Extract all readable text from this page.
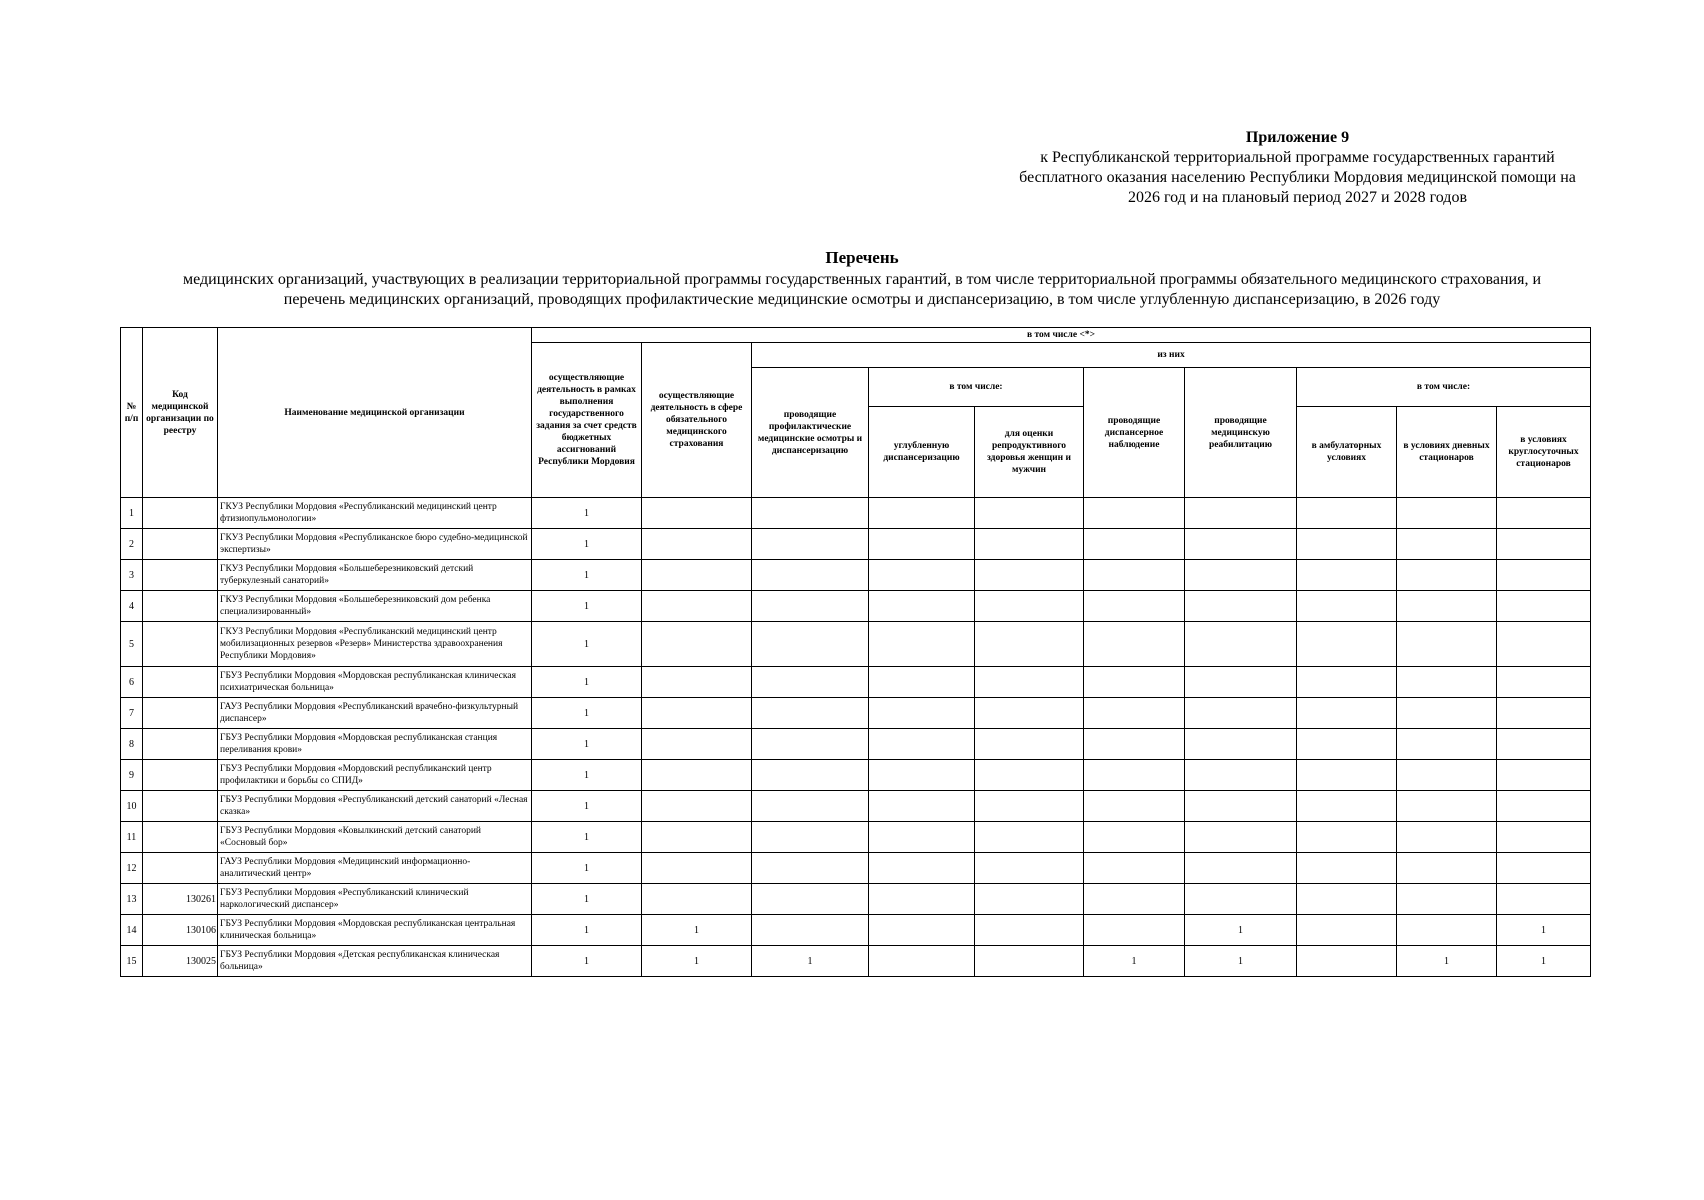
Приложение 9
к Республиканской территориальной программе государственных гарантий
бесплатного оказания населению Республики Мордовия медицинской помощи на
2026 год и на плановый период 2027 и 2028 годов
Перечень
медицинских организаций, участвующих в реализации территориальной программы государственных гарантий, в том числе территориальной программы обязательного медицинского страхования, и
перечень медицинских организаций, проводящих профилактические медицинские осмотры и диспансеризацию, в том числе углубленную диспансеризацию, в 2026 году
№ п/п	Код медицинской организации по реестру	Наименование медицинской организации	в том числе <*>									
			осуществляющие деятельность в рамках выполнения государственного задания за счет средств бюджетных ассигнований Республики Мордовия	осуществляющие деятельность в сфере обязательного медицинского страхования	из них							
					проводящие профилактические медицинские осмотры и диспансеризацию	в том числе:		проводящие диспансерное наблюдение	проводящие медицинскую реабилитацию	в том числе:		
						углубленную диспансеризацию	для оценки репродуктивного здоровья женщин и мужчин			в амбулаторных условиях	в условиях дневных стационаров	в условиях круглосуточных стационаров
1		ГКУЗ Республики Мордовия «Республиканский медицинский центр фтизиопульмонологии»	1									
2		ГКУЗ Республики Мордовия «Республиканское бюро судебно-медицинской экспертизы»	1									
3		ГКУЗ Республики Мордовия «Большеберезниковский детский туберкулезный санаторий»	1									
4		ГКУЗ Республики Мордовия «Большеберезниковский дом ребенка специализированный»	1									
5		ГКУЗ Республики Мордовия «Республиканский медицинский центр мобилизационных резервов «Резерв» Министерства здравоохранения Республики Мордовия»	1									
6		ГБУЗ Республики Мордовия «Мордовская республиканская клиническая психиатрическая больница»	1									
7		ГАУЗ Республики Мордовия «Республиканский врачебно-физкультурный диспансер»	1									
8		ГБУЗ Республики Мордовия «Мордовская республиканская станция переливания крови»	1									
9		ГБУЗ Республики Мордовия «Мордовский республиканский центр профилактики и борьбы со СПИД»	1									
10		ГБУЗ Республики Мордовия «Республиканский детский санаторий «Лесная сказка»	1									
11		ГБУЗ Республики Мордовия «Ковылкинский детский санаторий «Сосновый бор»	1									
12		ГАУЗ Республики Мордовия «Медицинский информационно-аналитический центр»	1									
13	130261	ГБУЗ Республики Мордовия «Республиканский клинический наркологический диспансер»	1									
14	130106	ГБУЗ Республики Мордовия «Мордовская республиканская центральная клиническая больница»	1	1					1			1
15	130025	ГБУЗ Республики Мордовия «Детская республиканская клиническая больница»	1	1	1			1	1		1	1
